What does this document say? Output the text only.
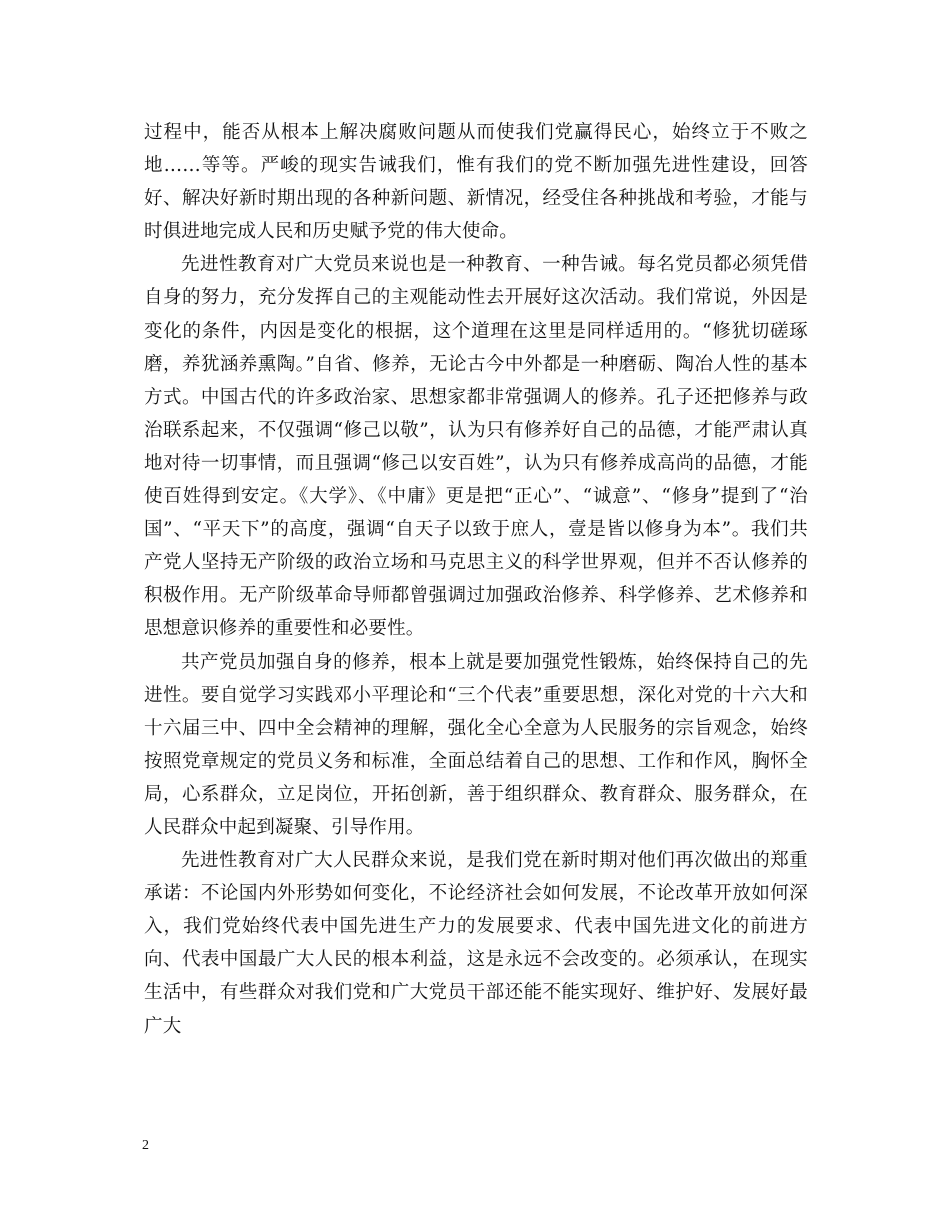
过程中，能否从根本上解决腐败问题从而使我们党赢得民心，始终立于不败之地……等等。严峻的现实告诫我们，惟有我们的党不断加强先进性建设，回答好、解决好新时期出现的各种新问题、新情况，经受住各种挑战和考验，才能与时俱进地完成人民和历史赋予党的伟大使命。

先进性教育对广大党员来说也是一种教育、一种告诫。每名党员都必须凭借自身的努力，充分发挥自己的主观能动性去开展好这次活动。我们常说，外因是变化的条件，内因是变化的根据，这个道理在这里是同样适用的。“修犹切磋琢磨，养犹涵养熏陶。”自省、修养，无论古今中外都是一种磨砺、陶冶人性的基本方式。中国古代的许多政治家、思想家都非常强调人的修养。孔子还把修养与政治联系起来，不仅强调“修己以敬”，认为只有修养好自己的品德，才能严肃认真地对待一切事情，而且强调“修己以安百姓”，认为只有修养成高尚的品德，才能使百姓得到安定。《大学》、《中庸》更是把“正心”、“诚意”、“修身”提到了“治国”、“平天下”的高度，强调“自天子以致于庶人，壹是皆以修身为本”。我们共产党人坚持无产阶级的政治立场和马克思主义的科学世界观，但并不否认修养的积极作用。无产阶级革命导师都曾强调过加强政治修养、科学修养、艺术修养和思想意识修养的重要性和必要性。

共产党员加强自身的修养，根本上就是要加强党性锻炼，始终保持自己的先进性。要自觉学习实践邓小平理论和“三个代表”重要思想，深化对党的十六大和十六届三中、四中全会精神的理解，强化全心全意为人民服务的宗旨观念，始终按照党章规定的党员义务和标准，全面总结着自己的思想、工作和作风，胸怀全局，心系群众，立足岗位，开拓创新，善于组织群众、教育群众、服务群众，在人民群众中起到凝聚、引导作用。

先进性教育对广大人民群众来说，是我们党在新时期对他们再次做出的郑重承诺：不论国内外形势如何变化，不论经济社会如何发展，不论改革开放如何深入，我们党始终代表中国先进生产力的发展要求、代表中国先进文化的前进方向、代表中国最广大人民的根本利益，这是永远不会改变的。必须承认，在现实生活中，有些群众对我们党和广大党员干部还能不能实现好、维护好、发展好最广大

2
